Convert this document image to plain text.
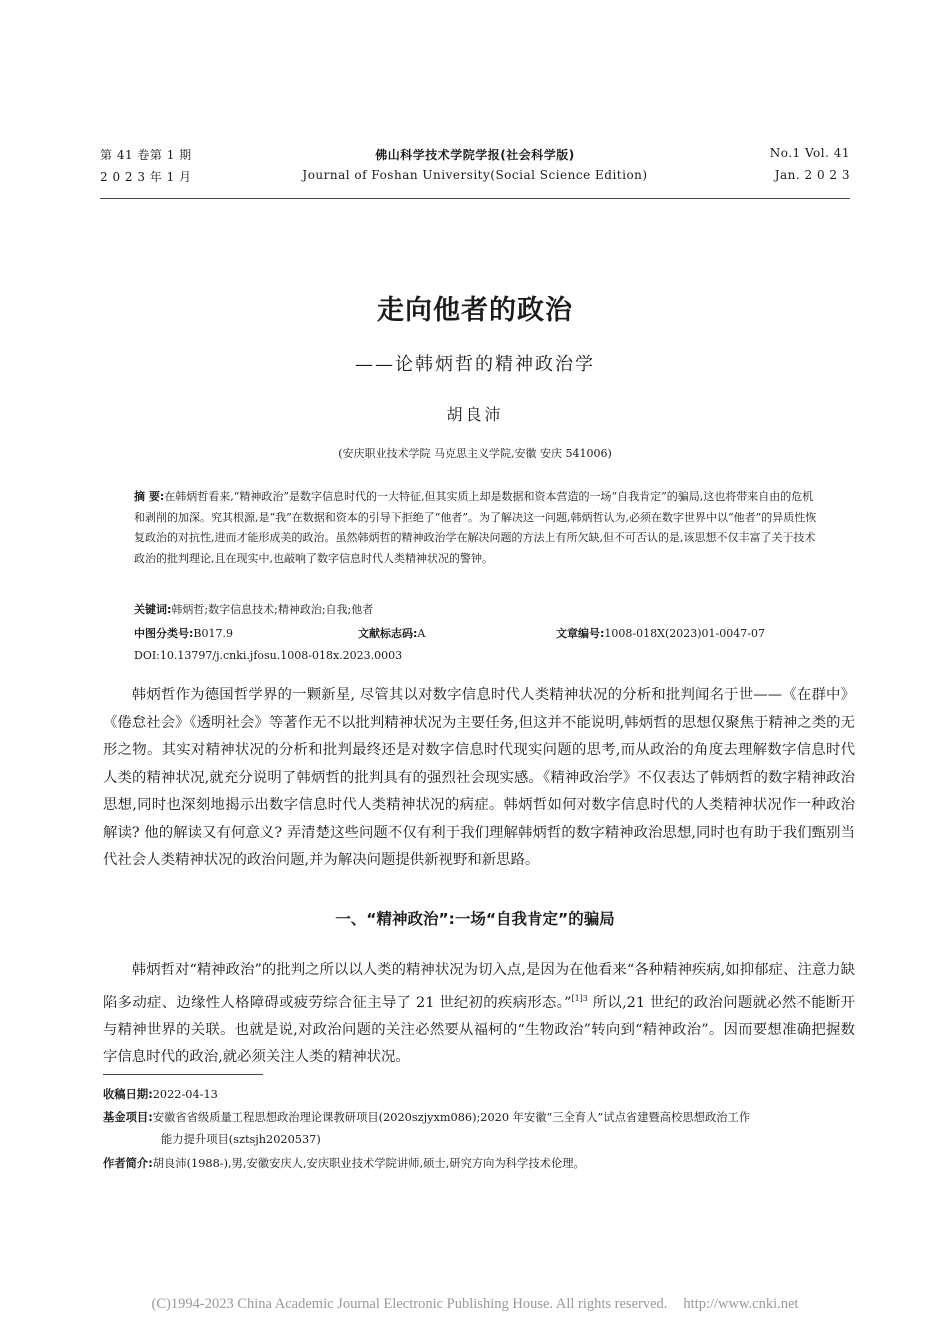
第 41 卷第 1 期
2 0 2 3 年 1 月
佛山科学技术学院学报(社会科学版)
Journal of Foshan University(Social Science Edition)
No.1 Vol. 41
Jan. 2 0 2 3
走向他者的政治
——论韩炳哲的精神政治学
胡良沛
(安庆职业技术学院 马克思主义学院,安徽 安庆 541006)
摘 要:在韩炳哲看来,“精神政治”是数字信息时代的一大特征,但其实质上却是数据和资本营造的一场“自我肯定”的骗局,这也将带来自由的危机和剥削的加深。究其根源,是“我”在数据和资本的引导下拒绝了“他者”。为了解决这一问题,韩炳哲认为,必须在数字世界中以“他者”的异质性恢复政治的对抗性,进而才能形成美的政治。虽然韩炳哲的精神政治学在解决问题的方法上有所欠缺,但不可否认的是,该思想不仅丰富了关于技术政治的批判理论,且在现实中,也敲响了数字信息时代人类精神状况的警钟。
关键词:韩炳哲;数字信息技术;精神政治;自我;他者
中图分类号:B017.9	文献标志码:A	文章编号:1008-018X(2023)01-0047-07
DOI:10.13797/j.cnki.jfosu.1008-018x.2023.0003
韩炳哲作为德国哲学界的一颗新星, 尽管其以对数字信息时代人类精神状况的分析和批判闻名于世——《在群中》《倦怠社会》《透明社会》等著作无不以批判精神状况为主要任务,但这并不能说明,韩炳哲的思想仅聚焦于精神之类的无形之物。其实对精神状况的分析和批判最终还是对数字信息时代现实问题的思考,而从政治的角度去理解数字信息时代人类的精神状况,就充分说明了韩炳哲的批判具有的强烈社会现实感。《精神政治学》不仅表达了韩炳哲的数字精神政治思想,同时也深刻地揭示出数字信息时代人类精神状况的病症。韩炳哲如何对数字信息时代的人类精神状况作一种政治解读? 他的解读又有何意义? 弄清楚这些问题不仅有利于我们理解韩炳哲的数字精神政治思想,同时也有助于我们甄别当代社会人类精神状况的政治问题,并为解决问题提供新视野和新思路。
一、“精神政治”:一场“自我肯定”的骗局
韩炳哲对“精神政治”的批判之所以以人类的精神状况为切入点,是因为在他看来“各种精神疾病,如抑郁症、注意力缺陷多动症、边缘性人格障碍或疲劳综合征主导了 21 世纪初的疾病形态。”$^{[1]3}$ 所以,21 世纪的政治问题就必然不能断开与精神世界的关联。也就是说,对政治问题的关注必然要从福柯的“生物政治”转向到“精神政治”。因而要想准确把握数字信息时代的政治,就必须关注人类的精神状况。
收稿日期:2022-04-13
基金项目:安徽省省级质量工程思想政治理论课教研项目(2020szjyxm086);2020 年安徽“三全育人”试点省建暨高校思想政治工作
能力提升项目(sztsjh2020537)
作者简介:胡良沛(1988-),男,安徽安庆人,安庆职业技术学院讲师,硕士,研究方向为科学技术伦理。
(C)1994-2023 China Academic Journal Electronic Publishing House. All rights reserved. http://www.cnki.net
